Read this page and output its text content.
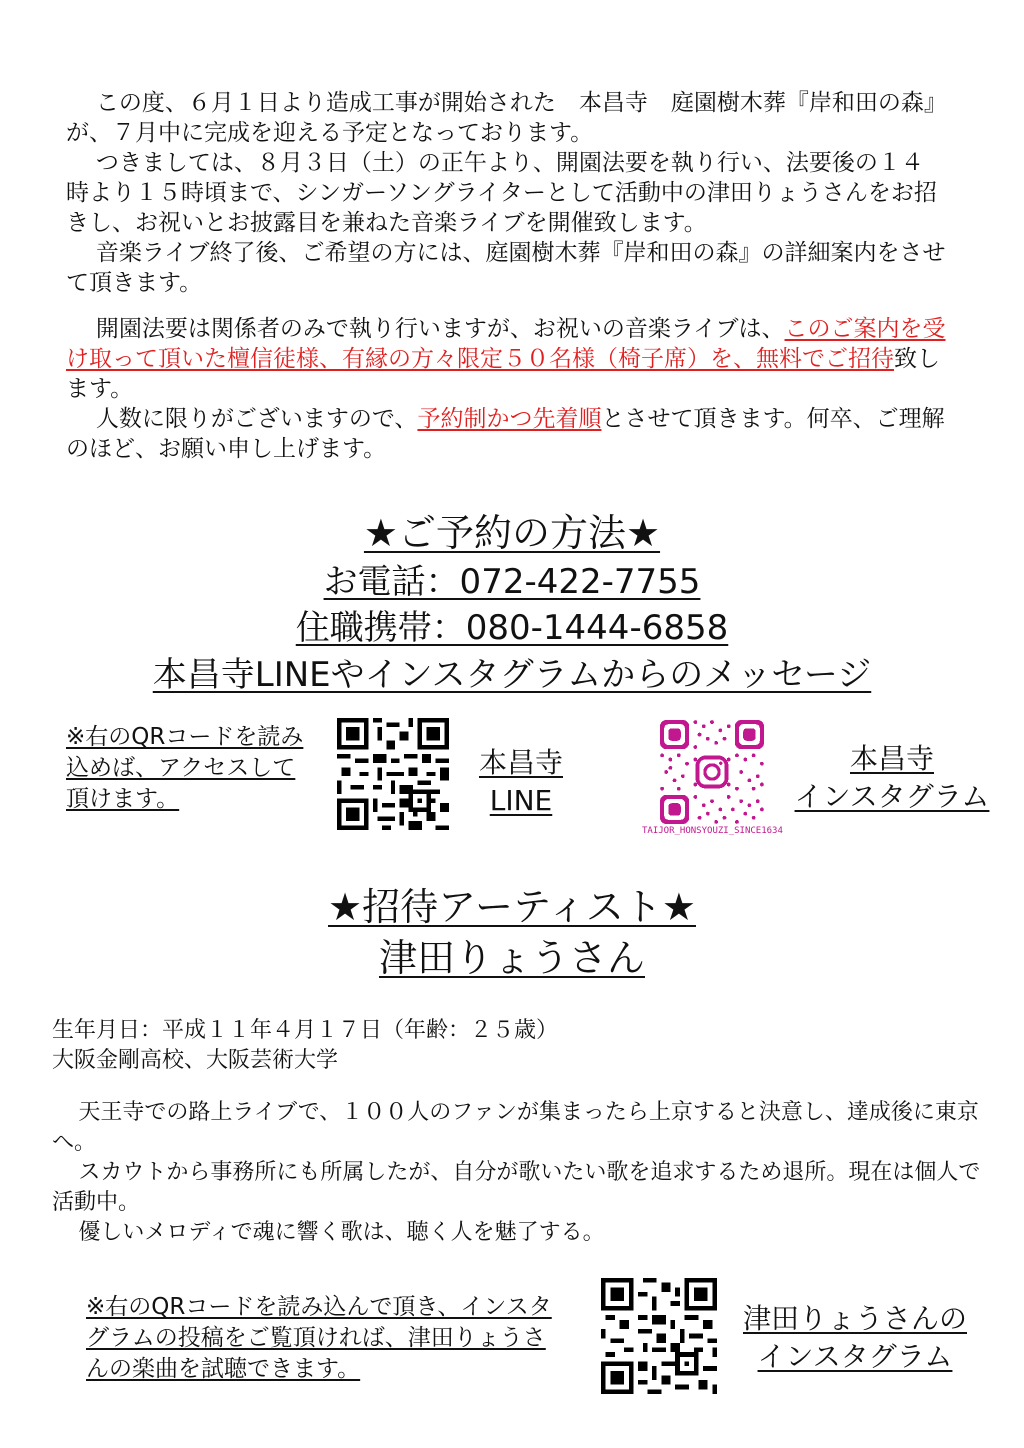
この度、６月１日より造成工事が開始された　本昌寺　庭園樹木葬『岸和田の森』が、７月中に完成を迎える予定となっております。

つきましては、８月３日（土）の正午より、開園法要を執り行い、法要後の１４時より１５時頃まで、シンガーソングライターとして活動中の津田りょうさんをお招きし、お祝いとお披露目を兼ねた音楽ライブを開催致します。

音楽ライブ終了後、ご希望の方には、庭園樹木葬『岸和田の森』の詳細案内をさせて頂きます。

開園法要は関係者のみで執り行いますが、お祝いの音楽ライブは、このご案内を受け取って頂いた檀信徒様、有縁の方々限定５０名様（椅子席）を、無料でご招待致します。

人数に限りがございますので、予約制かつ先着順とさせて頂きます。何卒、ご理解のほど、お願い申し上げます。

★ご予約の方法★
お電話：072-422-7755
住職携帯：080-1444-6858
本昌寺LINEやインスタグラムからのメッセージ
※右のQRコードを読み込めば、アクセスして頂けます。
本昌寺
LINE
TAIJOR_HONSYOUZI_SINCE1634
本昌寺
インスタグラム
★招待アーティスト★
津田りょうさん

生年月日：平成１１年４月１７日（年齢：２５歳）

大阪金剛高校、大阪芸術大学

天王寺での路上ライブで、１００人のファンが集まったら上京すると決意し、達成後に東京へ。

スカウトから事務所にも所属したが、自分が歌いたい歌を追求するため退所。現在は個人で活動中。

優しいメロディで魂に響く歌は、聴く人を魅了する。

※右のQRコードを読み込んで頂き、インスタグラムの投稿をご覧頂ければ、津田りょうさんの楽曲を試聴できます。
津田りょうさんの
インスタグラム
